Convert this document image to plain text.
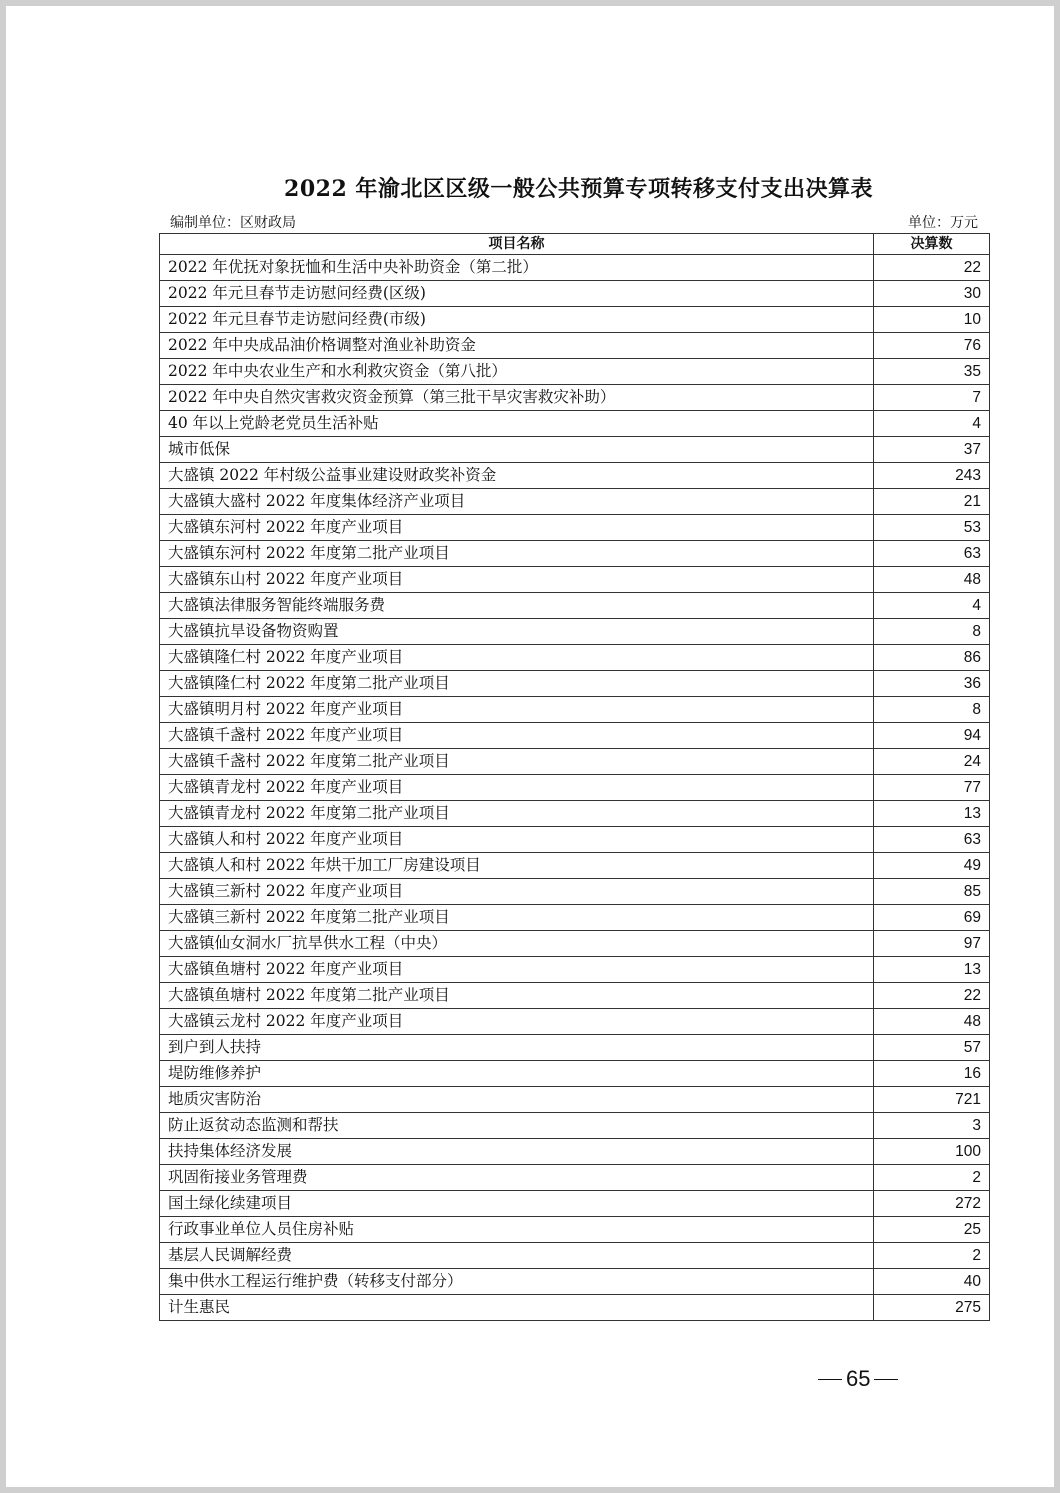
2022 年渝北区区级一般公共预算专项转移支付支出决算表
编制单位：区财政局	单位：万元
项目名称	决算数
2022 年优抚对象抚恤和生活中央补助资金（第二批）	22
2022 年元旦春节走访慰问经费(区级)	30
2022 年元旦春节走访慰问经费(市级)	10
2022 年中央成品油价格调整对渔业补助资金	76
2022 年中央农业生产和水利救灾资金（第八批）	35
2022 年中央自然灾害救灾资金预算（第三批干旱灾害救灾补助）	7
40 年以上党龄老党员生活补贴	4
城市低保	37
大盛镇 2022 年村级公益事业建设财政奖补资金	243
大盛镇大盛村 2022 年度集体经济产业项目	21
大盛镇东河村 2022 年度产业项目	53
大盛镇东河村 2022 年度第二批产业项目	63
大盛镇东山村 2022 年度产业项目	48
大盛镇法律服务智能终端服务费	4
大盛镇抗旱设备物资购置	8
大盛镇隆仁村 2022 年度产业项目	86
大盛镇隆仁村 2022 年度第二批产业项目	36
大盛镇明月村 2022 年度产业项目	8
大盛镇千盏村 2022 年度产业项目	94
大盛镇千盏村 2022 年度第二批产业项目	24
大盛镇青龙村 2022 年度产业项目	77
大盛镇青龙村 2022 年度第二批产业项目	13
大盛镇人和村 2022 年度产业项目	63
大盛镇人和村 2022 年烘干加工厂房建设项目	49
大盛镇三新村 2022 年度产业项目	85
大盛镇三新村 2022 年度第二批产业项目	69
大盛镇仙女洞水厂抗旱供水工程（中央）	97
大盛镇鱼塘村 2022 年度产业项目	13
大盛镇鱼塘村 2022 年度第二批产业项目	22
大盛镇云龙村 2022 年度产业项目	48
到户到人扶持	57
堤防维修养护	16
地质灾害防治	721
防止返贫动态监测和帮扶	3
扶持集体经济发展	100
巩固衔接业务管理费	2
国土绿化续建项目	272
行政事业单位人员住房补贴	25
基层人民调解经费	2
集中供水工程运行维护费（转移支付部分）	40
计生惠民	275
65
